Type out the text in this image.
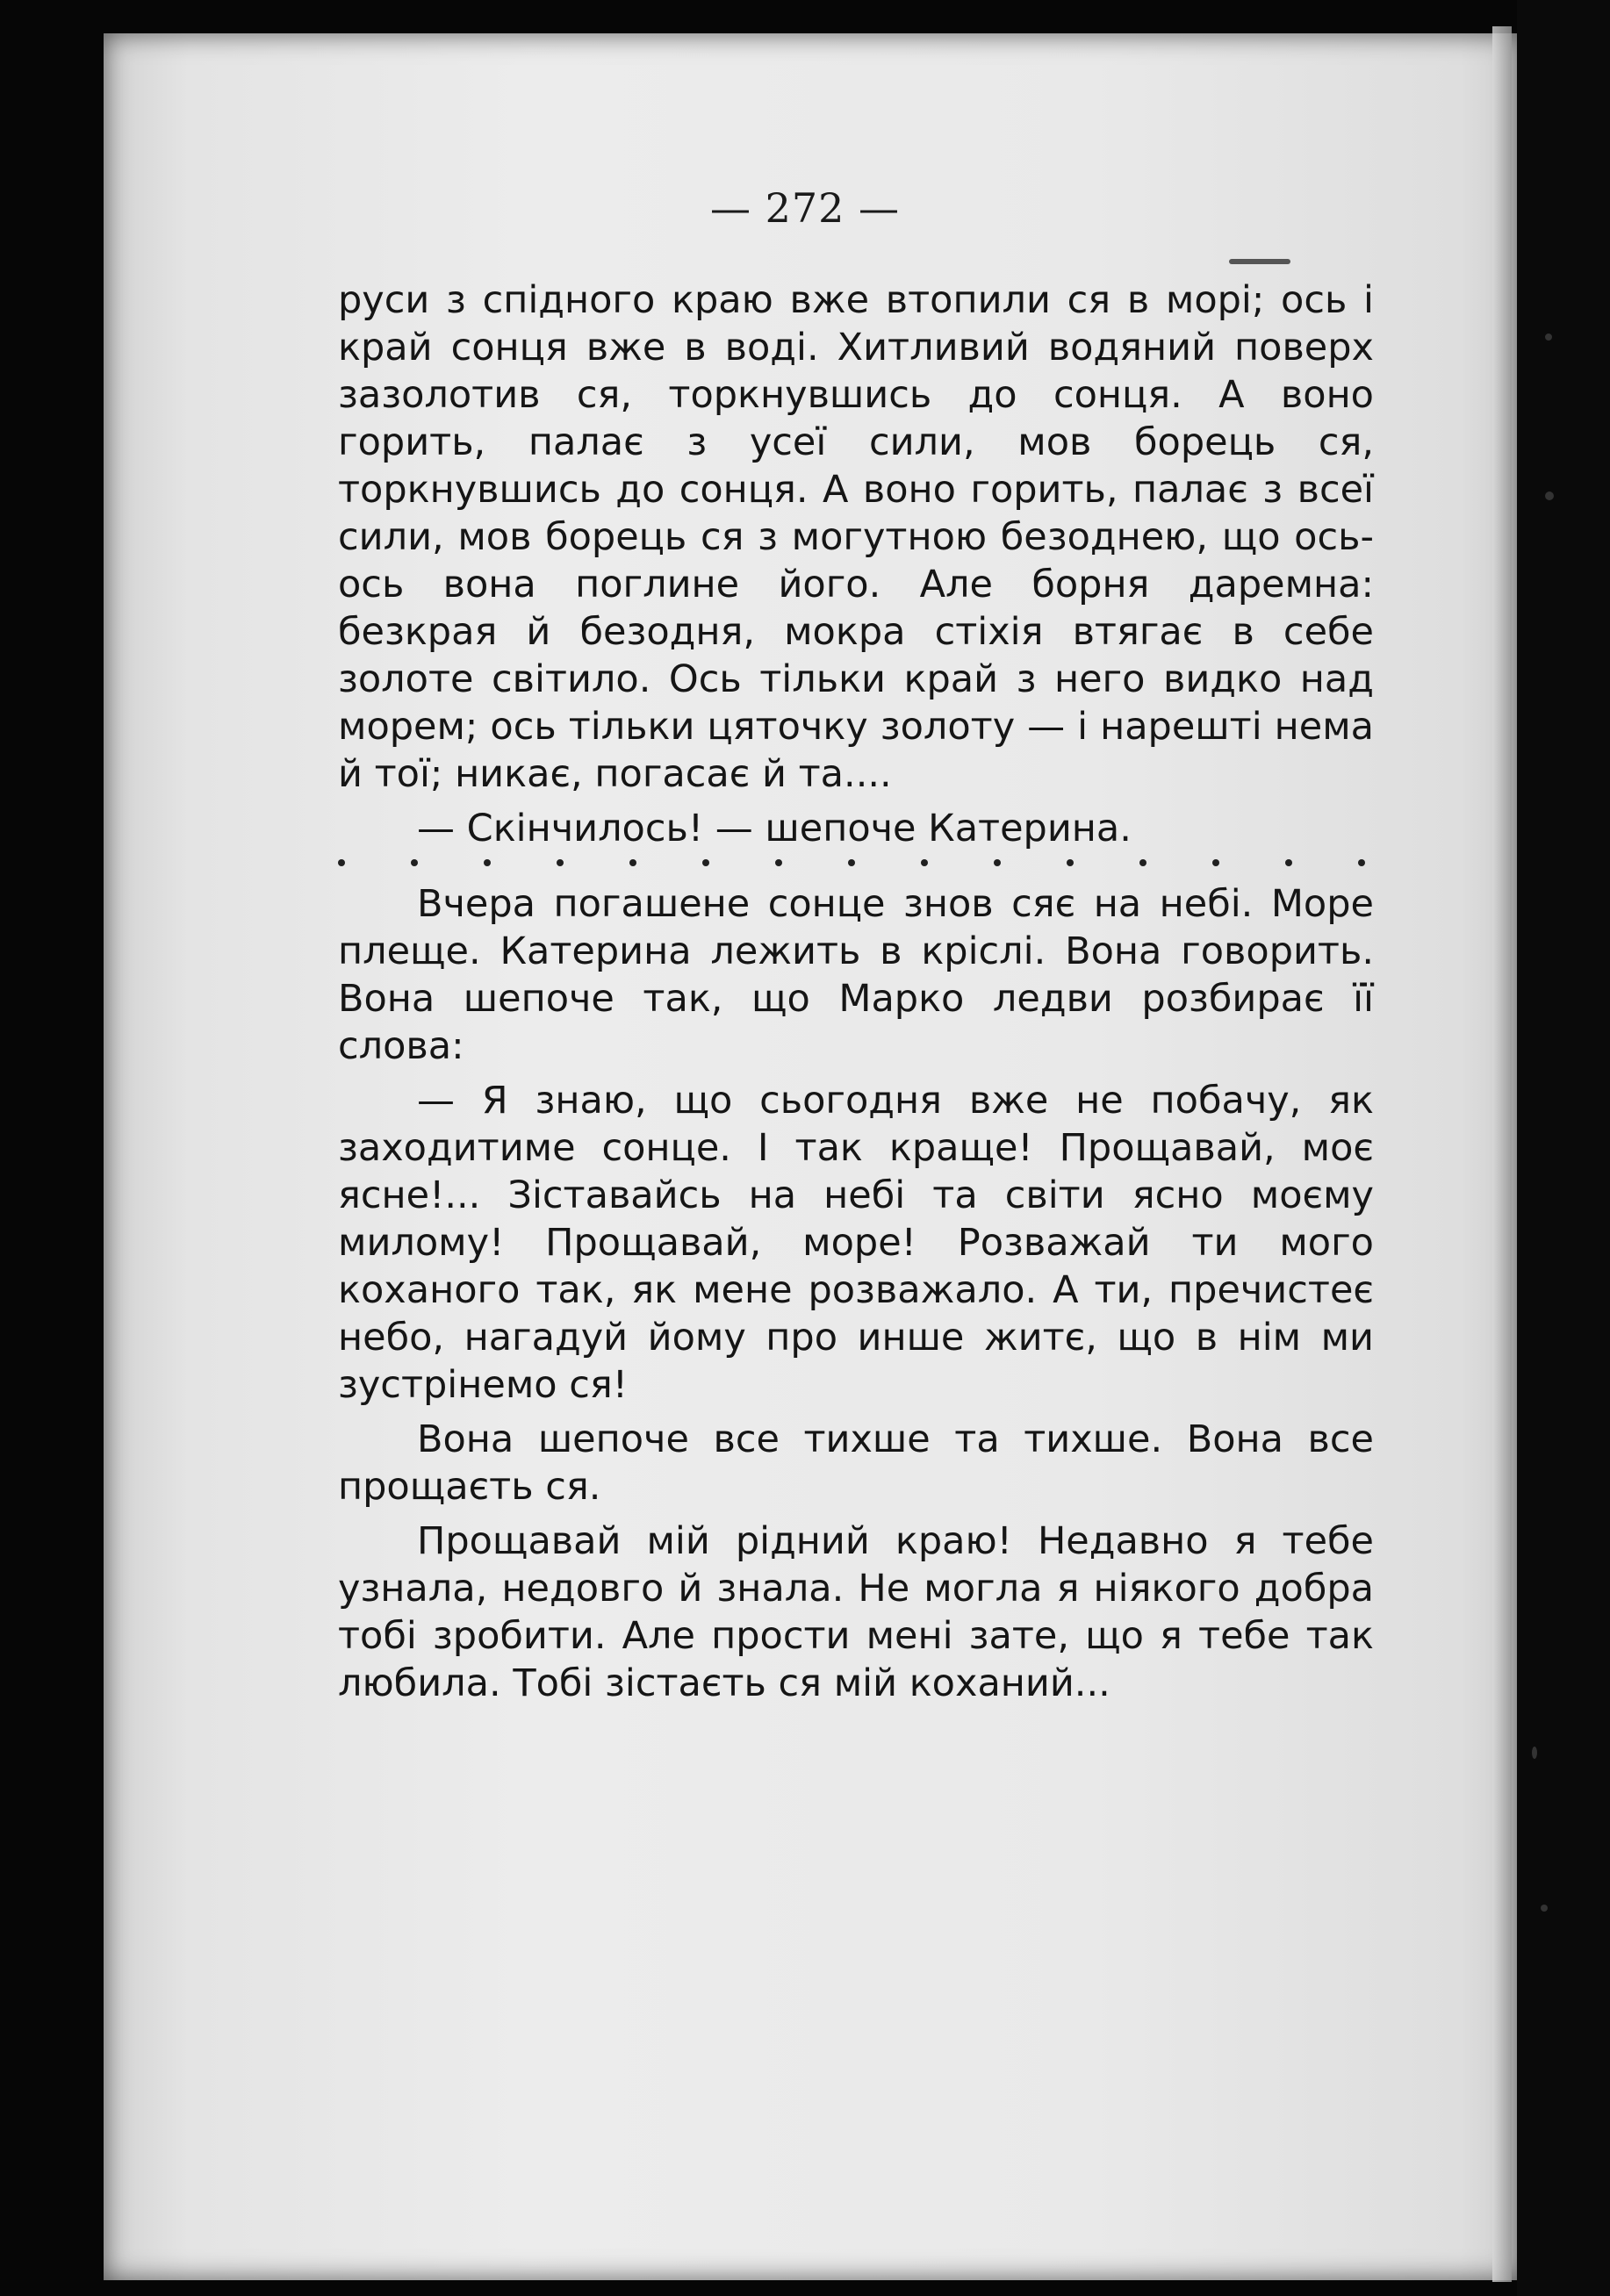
— 272 —

руси з спідного краю вже втопили ся в морі; ось і край сонця вже в воді. Хитливий водяний поверх зазолотив ся, торкнувшись до сонця. А воно горить, палає з усеї сили, мов борець ся, торкнувшись до сонця. А воно горить, палає з всеї сили, мов борець ся з могутною безоднею, що ось-ось вона поглине його. Але борня даремна: безкрая й безодня, мокра стіхія втягає в себе золоте світило. Ось тільки край з него видко над морем; ось тільки цяточку золоту — і нарешті нема й тої; никає, погасає й та....

— Скінчилось! — шепоче Катерина.

Вчера погашене сонце знов сяє на небі. Море плеще. Катерина лежить в кріслі. Вона говорить. Вона шепоче так, що Марко ледви розбирає її слова:

— Я знаю, що сьогодня вже не побачу, як заходитиме сонце. І так краще! Прощавай, моє ясне!... Зіставайсь на небі та світи ясно моєму милому! Прощавай, море! Розважай ти мого коханого так, як мене розважало. А ти, пречистеє небо, нагадуй йому про инше житє, що в нім ми зустрінемо ся!

Вона шепоче все тихше та тихше. Вона все прощаєть ся.

Прощавай мій рідний краю! Недавно я тебе узнала, недовго й знала. Не могла я ніякого добра тобі зробити. Але прости мені зате, що я тебе так любила. Тобі зістаєть ся мій коханий...
